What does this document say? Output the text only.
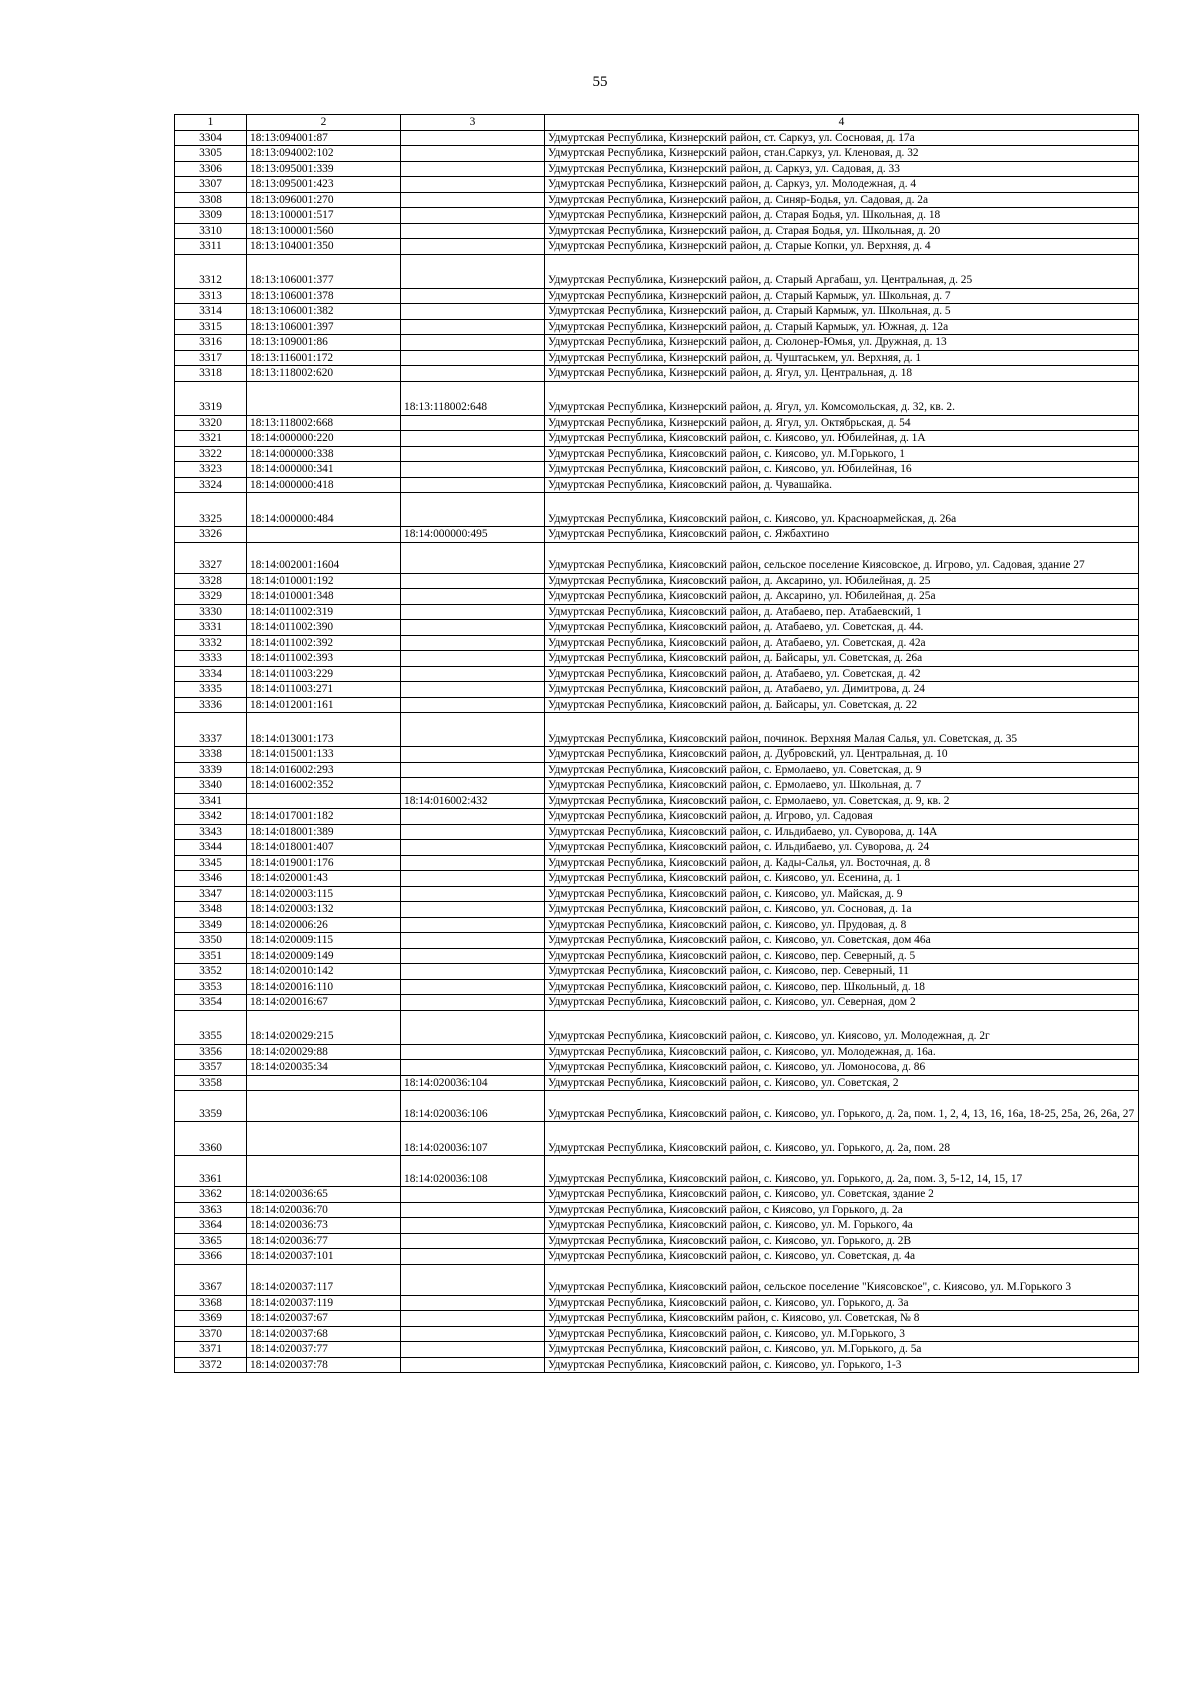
55
1	2	3	4
3304	18:13:094001:87		Удмуртская Республика, Кизнерский район, ст. Саркуз, ул. Сосновая, д. 17а
3305	18:13:094002:102		Удмуртская Республика, Кизнерский район, стан.Саркуз, ул. Кленовая, д. 32
3306	18:13:095001:339		Удмуртская Республика, Кизнерский район, д. Саркуз, ул. Садовая, д. 33
3307	18:13:095001:423		Удмуртская Республика, Кизнерский район, д. Саркуз, ул. Молодежная, д. 4
3308	18:13:096001:270		Удмуртская Республика, Кизнерский район, д. Синяр-Бодья, ул. Садовая, д. 2а
3309	18:13:100001:517		Удмуртская Республика, Кизнерский район, д. Старая Бодья, ул. Школьная, д. 18
3310	18:13:100001:560		Удмуртская Республика, Кизнерский район, д. Старая Бодья, ул. Школьная, д. 20
3311	18:13:104001:350		Удмуртская Республика, Кизнерский район, д. Старые Копки, ул. Верхняя, д. 4
3312	18:13:106001:377		Удмуртская Республика, Кизнерский район, д. Старый Аргабаш, ул. Центральная, д. 25
3313	18:13:106001:378		Удмуртская Республика, Кизнерский район, д. Старый Кармыж, ул. Школьная, д. 7
3314	18:13:106001:382		Удмуртская Республика, Кизнерский район, д. Старый Кармыж, ул. Школьная, д. 5
3315	18:13:106001:397		Удмуртская Республика, Кизнерский район, д. Старый Кармыж, ул. Южная, д. 12а
3316	18:13:109001:86		Удмуртская Республика, Кизнерский район, д. Сюлонер-Юмья, ул. Дружная, д. 13
3317	18:13:116001:172		Удмуртская Республика, Кизнерский район, д. Чуштаськем, ул. Верхняя, д. 1
3318	18:13:118002:620		Удмуртская Республика, Кизнерский район, д. Ягул, ул. Центральная, д. 18
3319		18:13:118002:648	Удмуртская Республика, Кизнерский район, д. Ягул, ул. Комсомольская, д. 32, кв. 2.
3320	18:13:118002:668		Удмуртская Республика, Кизнерский район, д. Ягул, ул. Октябрьская, д. 54
3321	18:14:000000:220		Удмуртская Республика, Киясовский район, с. Киясово, ул. Юбилейная, д. 1А
3322	18:14:000000:338		Удмуртская Республика, Киясовский район, с. Киясово, ул. М.Горького, 1
3323	18:14:000000:341		Удмуртская Республика, Киясовский район, с. Киясово, ул. Юбилейная, 16
3324	18:14:000000:418		Удмуртская Республика, Киясовский район, д. Чувашайка.
3325	18:14:000000:484		Удмуртская Республика, Киясовский район, с. Киясово, ул. Красноармейская, д. 26а
3326		18:14:000000:495	Удмуртская Республика, Киясовский район, с. Яжбахтино
3327	18:14:002001:1604		Удмуртская Республика, Киясовский район, сельское поселение Киясовское, д. Игрово, ул. Садовая, здание 27
3328	18:14:010001:192		Удмуртская Республика, Киясовский район, д. Аксарино, ул. Юбилейная, д. 25
3329	18:14:010001:348		Удмуртская Республика, Киясовский район, д. Аксарино, ул. Юбилейная, д. 25а
3330	18:14:011002:319		Удмуртская Республика, Киясовский район, д. Атабаево, пер. Атабаевский, 1
3331	18:14:011002:390		Удмуртская Республика, Киясовский район, д. Атабаево, ул. Советская, д. 44.
3332	18:14:011002:392		Удмуртская Республика, Киясовский район, д. Атабаево, ул. Советская, д. 42а
3333	18:14:011002:393		Удмуртская Республика, Киясовский район, д. Байсары, ул. Советская, д. 26а
3334	18:14:011003:229		Удмуртская Республика, Киясовский район, д. Атабаево, ул. Советская, д. 42
3335	18:14:011003:271		Удмуртская Республика, Киясовский район, д. Атабаево, ул. Димитрова, д. 24
3336	18:14:012001:161		Удмуртская Республика, Киясовский район, д. Байсары, ул. Советская, д. 22
3337	18:14:013001:173		Удмуртская Республика, Киясовский район, починок. Верхняя Малая Салья, ул. Советская, д. 35
3338	18:14:015001:133		Удмуртская Республика, Киясовский район, д. Дубровский, ул. Центральная, д. 10
3339	18:14:016002:293		Удмуртская Республика, Киясовский район, с. Ермолаево, ул. Советская, д. 9
3340	18:14:016002:352		Удмуртская Республика, Киясовский район, с. Ермолаево, ул. Школьная, д. 7
3341		18:14:016002:432	Удмуртская Республика, Киясовский район, с. Ермолаево, ул. Советская, д. 9, кв. 2
3342	18:14:017001:182		Удмуртская Республика, Киясовский район, д. Игрово, ул. Садовая
3343	18:14:018001:389		Удмуртская Республика, Киясовский район, с. Ильдибаево, ул. Суворова, д. 14А
3344	18:14:018001:407		Удмуртская Республика, Киясовский район, с. Ильдибаево, ул. Суворова, д. 24
3345	18:14:019001:176		Удмуртская Республика, Киясовский район, д. Кады-Салья, ул. Восточная, д. 8
3346	18:14:020001:43		Удмуртская Республика, Киясовский район, с. Киясово, ул. Есенина, д. 1
3347	18:14:020003:115		Удмуртская Республика, Киясовский район, с. Киясово, ул. Майская, д. 9
3348	18:14:020003:132		Удмуртская Республика, Киясовский район, с. Киясово, ул. Сосновая, д. 1а
3349	18:14:020006:26		Удмуртская Республика, Киясовский район, с. Киясово, ул. Прудовая, д. 8
3350	18:14:020009:115		Удмуртская Республика, Киясовский район, с. Киясово, ул. Советская, дом 46а
3351	18:14:020009:149		Удмуртская Республика, Киясовский район, с. Киясово, пер. Северный, д. 5
3352	18:14:020010:142		Удмуртская Республика, Киясовский район, с. Киясово, пер. Северный, 11
3353	18:14:020016:110		Удмуртская Республика, Киясовский район, с. Киясово, пер. Школьный, д. 18
3354	18:14:020016:67		Удмуртская Республика, Киясовский район, с. Киясово, ул. Северная, дом 2
3355	18:14:020029:215		Удмуртская Республика, Киясовский район, с. Киясово, ул. Киясово, ул. Молодежная, д. 2г
3356	18:14:020029:88		Удмуртская Республика, Киясовский район, с. Киясово, ул. Молодежная, д. 16а.
3357	18:14:020035:34		Удмуртская Республика, Киясовский район, с. Киясово, ул. Ломоносова, д. 86
3358		18:14:020036:104	Удмуртская Республика, Киясовский район, с. Киясово, ул. Советская, 2
3359		18:14:020036:106	Удмуртская Республика, Киясовский район, с. Киясово, ул. Горького, д. 2а, пом. 1, 2, 4, 13, 16, 16а, 18-25, 25а, 26, 26а, 27
3360		18:14:020036:107	Удмуртская Республика, Киясовский район, с. Киясово, ул. Горького, д. 2а, пом. 28
3361		18:14:020036:108	Удмуртская Республика, Киясовский район, с. Киясово, ул. Горького, д. 2а, пом. 3, 5-12, 14, 15, 17
3362	18:14:020036:65		Удмуртская Республика, Киясовский район, с. Киясово, ул. Советская, здание 2
3363	18:14:020036:70		Удмуртская Республика, Киясовский район, с Киясово, ул Горького, д. 2а
3364	18:14:020036:73		Удмуртская Республика, Киясовский район, с. Киясово, ул. М. Горького, 4а
3365	18:14:020036:77		Удмуртская Республика, Киясовский район, с. Киясово, ул. Горького, д. 2В
3366	18:14:020037:101		Удмуртская Республика, Киясовский район, с. Киясово, ул. Советская, д. 4а
3367	18:14:020037:117		Удмуртская Республика, Киясовский район, сельское поселение "Киясовское", с. Киясово, ул. М.Горького 3
3368	18:14:020037:119		Удмуртская Республика, Киясовский район, с. Киясово, ул. Горького, д. 3а
3369	18:14:020037:67		Удмуртская Республика, Киясовскийм район, с. Киясово, ул. Советская, № 8
3370	18:14:020037:68		Удмуртская Республика, Киясовский район, с. Киясово, ул. М.Горького, 3
3371	18:14:020037:77		Удмуртская Республика, Киясовский район, с. Киясово, ул. М.Горького, д. 5а
3372	18:14:020037:78		Удмуртская Республика, Киясовский район, с. Киясово, ул. Горького, 1-3
